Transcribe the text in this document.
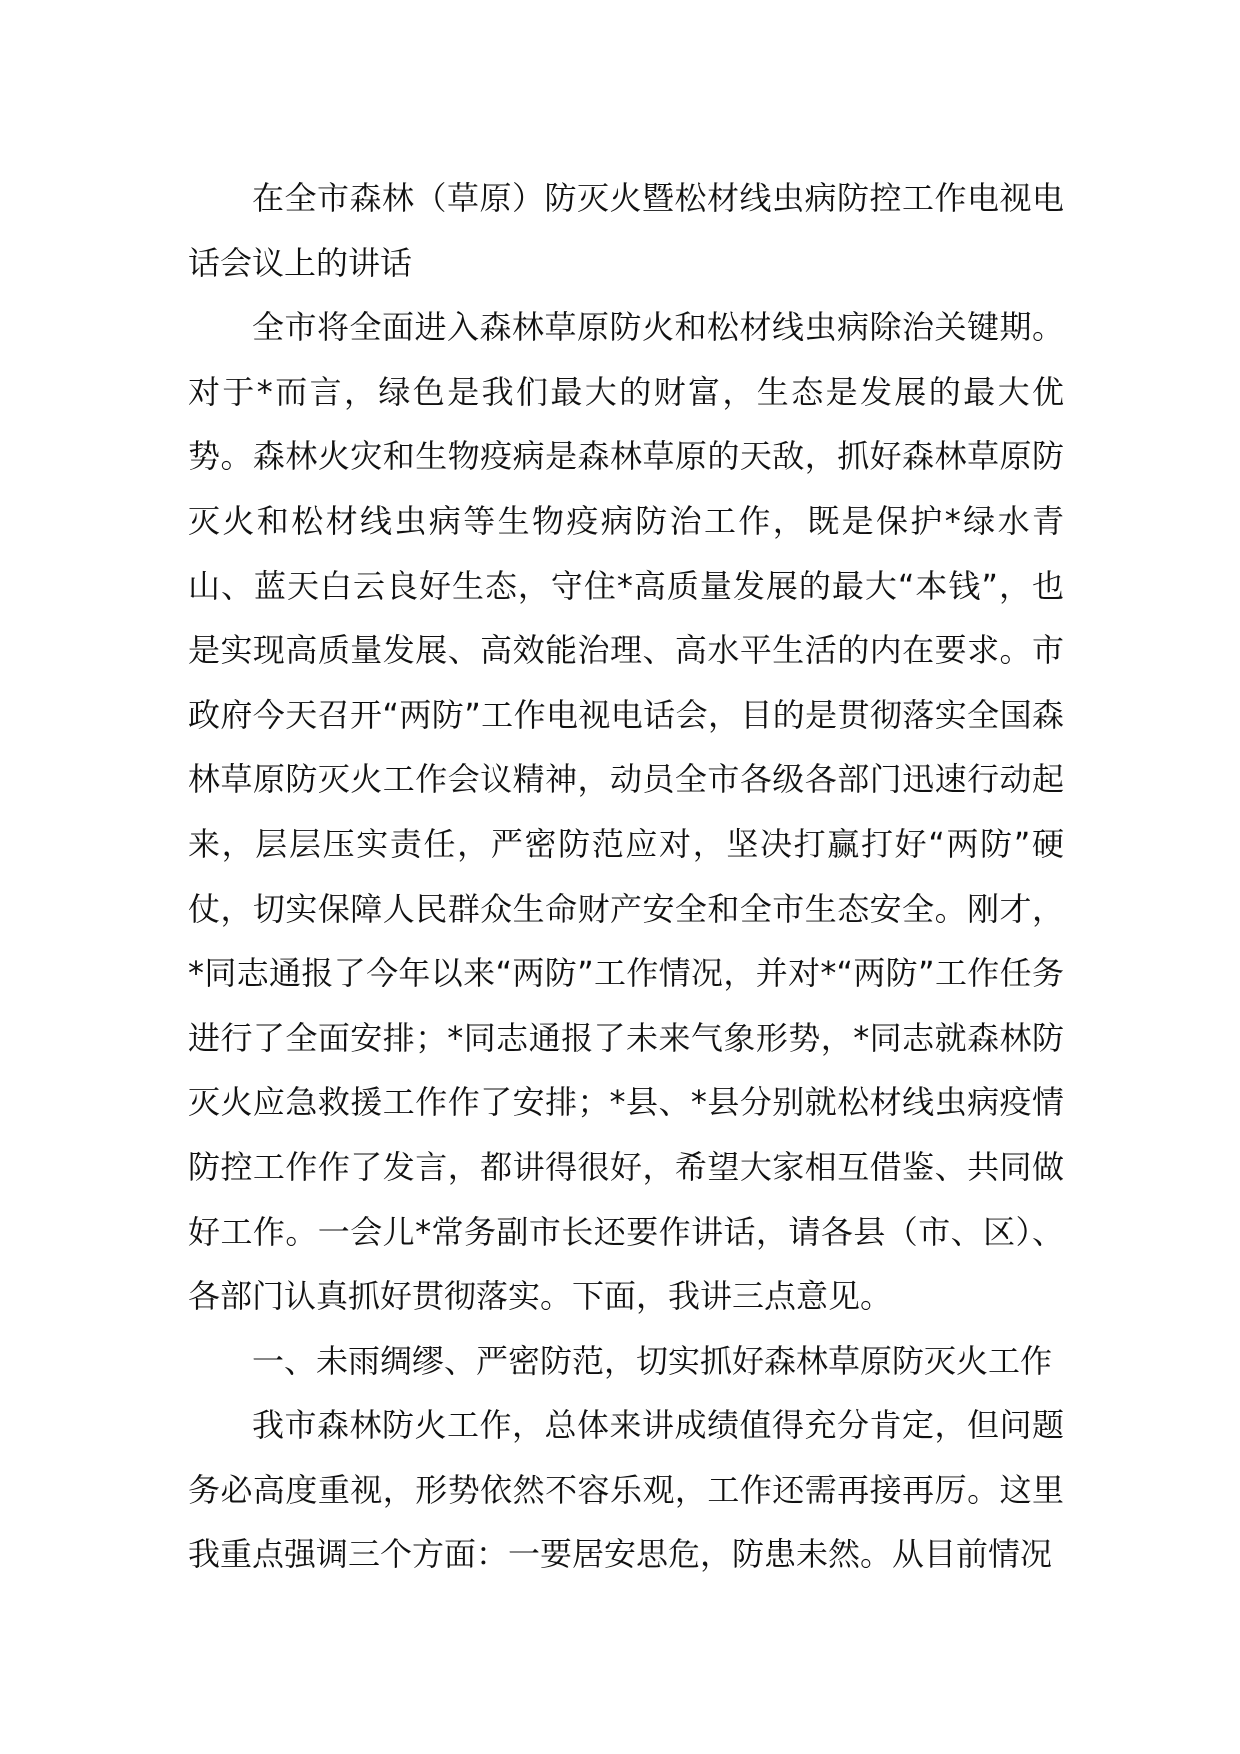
在全市森林（草原）防灭火暨松材线虫病防控工作电视电话会议上的讲话

全市将全面进入森林草原防火和松材线虫病除治关键期。对于*而言，绿色是我们最大的财富，生态是发展的最大优势。森林火灾和生物疫病是森林草原的天敌，抓好森林草原防灭火和松材线虫病等生物疫病防治工作，既是保护*绿水青山、蓝天白云良好生态，守住*高质量发展的最大“本钱”，也是实现高质量发展、高效能治理、高水平生活的内在要求。市政府今天召开“两防”工作电视电话会，目的是贯彻落实全国森林草原防灭火工作会议精神，动员全市各级各部门迅速行动起来，层层压实责任，严密防范应对，坚决打赢打好“两防”硬仗，切实保障人民群众生命财产安全和全市生态安全。刚才，*同志通报了今年以来“两防”工作情况，并对*“两防”工作任务进行了全面安排；*同志通报了未来气象形势，*同志就森林防灭火应急救援工作作了安排；*县、*县分别就松材线虫病疫情防控工作作了发言，都讲得很好，希望大家相互借鉴、共同做好工作。一会儿*常务副市长还要作讲话，请各县（市、区）、各部门认真抓好贯彻落实。下面，我讲三点意见。

一、未雨绸缪、严密防范，切实抓好森林草原防灭火工作

我市森林防火工作，总体来讲成绩值得充分肯定，但问题务必高度重视，形势依然不容乐观，工作还需再接再厉。这里我重点强调三个方面：一要居安思危，防患未然。从目前情况
